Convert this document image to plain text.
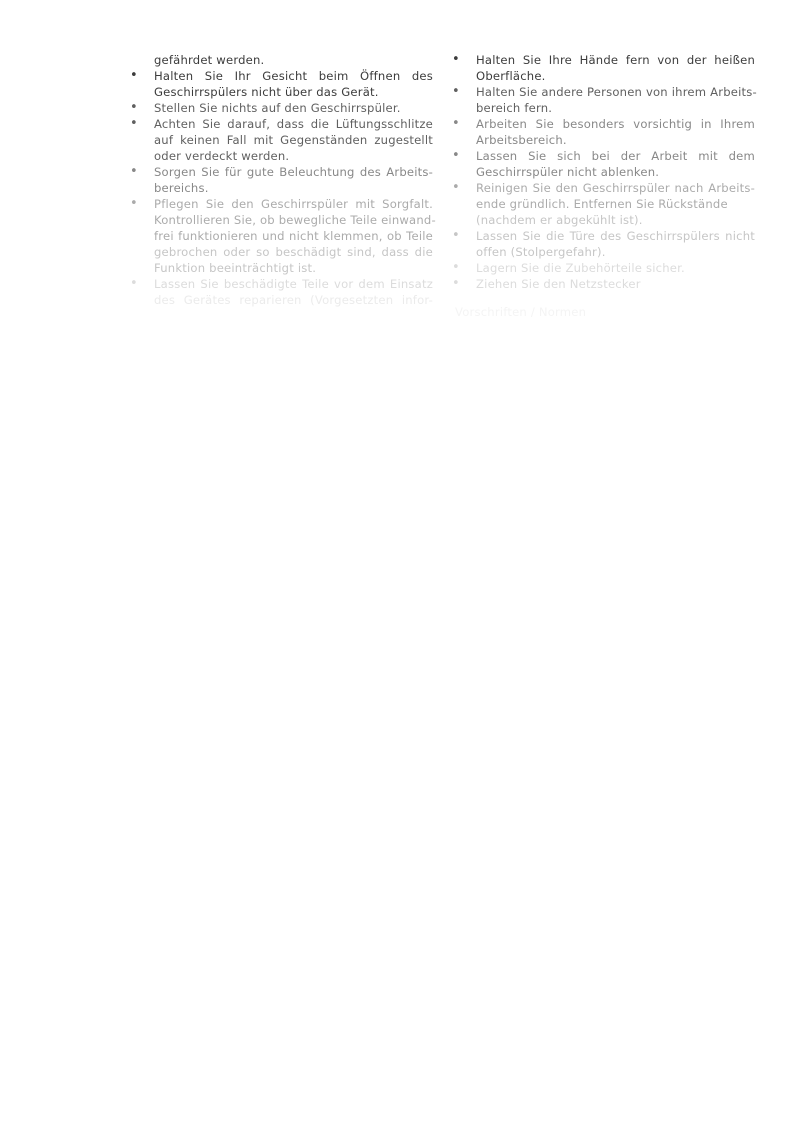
gefährdet werden.
• Halten Sie Ihr Gesicht beim Öffnen des
Geschirrspülers nicht über das Gerät.
• Stellen Sie nichts auf den Geschirrspüler.
• Achten Sie darauf, dass die Lüftungsschlitze
auf keinen Fall mit Gegenständen zugestellt
oder verdeckt werden.
• Sorgen Sie für gute Beleuchtung des Arbeits-
bereichs.
• Pflegen Sie den Geschirrspüler mit Sorgfalt.
Kontrollieren Sie, ob bewegliche Teile einwand-
frei funktionieren und nicht klemmen, ob Teile
gebrochen oder so beschädigt sind, dass die
Funktion beeinträchtigt ist.
• Lassen Sie beschädigte Teile vor dem Einsatz
des Gerätes reparieren (Vorgesetzten infor-
• Halten Sie Ihre Hände fern von der heißen
Oberfläche.
• Halten Sie andere Personen von ihrem Arbeits-
bereich fern.
• Arbeiten Sie besonders vorsichtig in Ihrem
Arbeitsbereich.
• Lassen Sie sich bei der Arbeit mit dem
Geschirrspüler nicht ablenken.
• Reinigen Sie den Geschirrspüler nach Arbeits-
ende gründlich. Entfernen Sie Rückstände
(nachdem er abgekühlt ist).
• Lassen Sie die Türe des Geschirrspülers nicht
offen (Stolpergefahr).
• Lagern Sie die Zubehörteile sicher.
• Ziehen Sie den Netzstecker
Vorschriften / Normen
